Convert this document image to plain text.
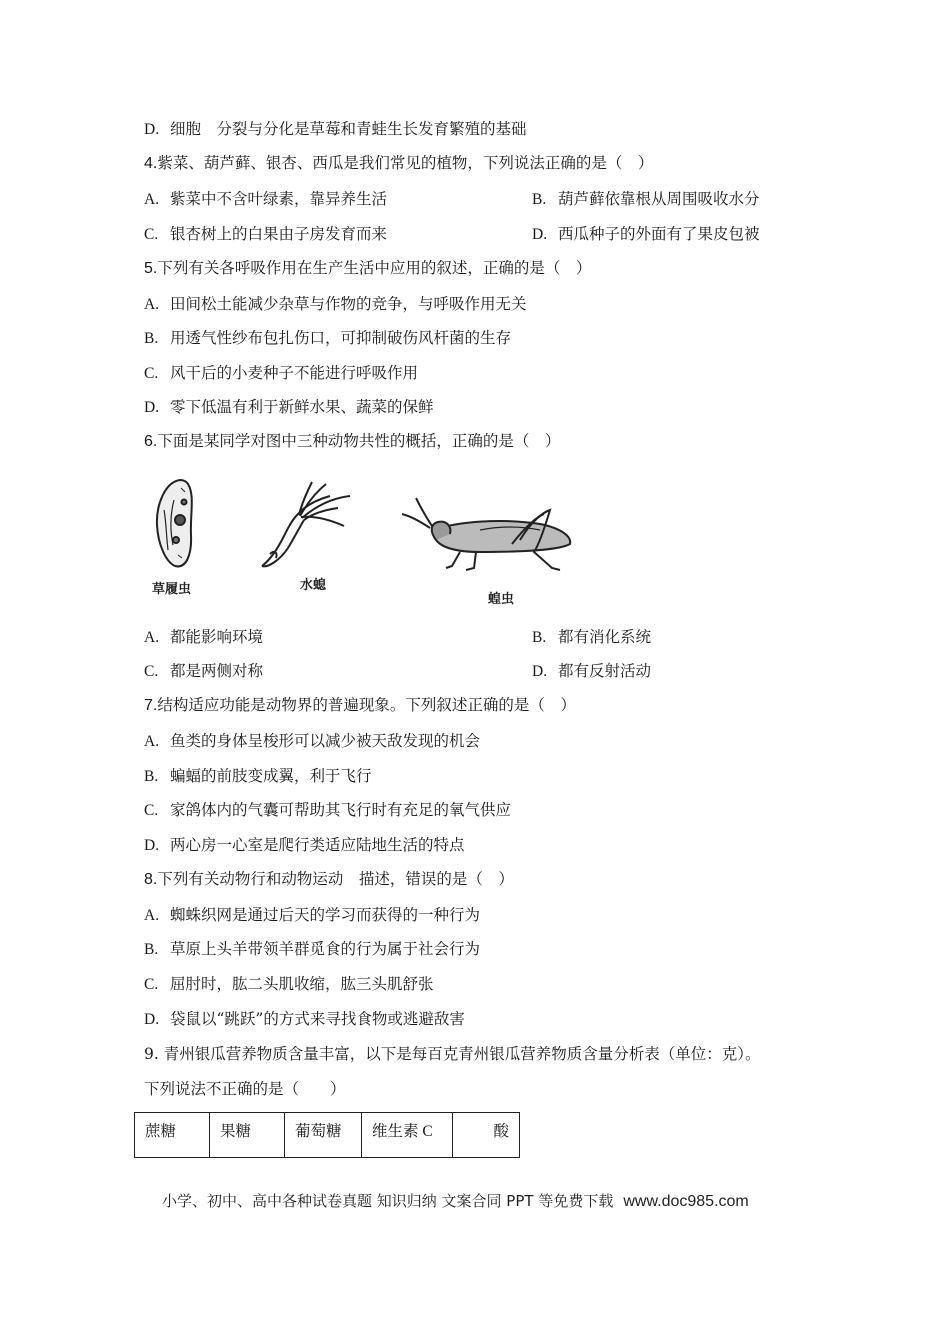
D. 细胞　分裂与分化是草莓和青蛙生长发育繁殖的基础
4.紫菜、葫芦藓、银杏、西瓜是我们常见的植物，下列说法正确的是（　）
A. 紫菜中不含叶绿素，靠异养生活	B. 葫芦藓依靠根从周围吸收水分
C. 银杏树上的白果由子房发育而来	D. 西瓜种子的外面有了果皮包被
5.下列有关各呼吸作用在生产生活中应用的叙述，正确的是（　）
A. 田间松土能减少杂草与作物的竞争，与呼吸作用无关
B. 用透气性纱布包扎伤口，可抑制破伤风杆菌的生存
C. 风干后的小麦种子不能进行呼吸作用
D. 零下低温有利于新鲜水果、蔬菜的保鲜
6.下面是某同学对图中三种动物共性的概括，正确的是（　）
草履虫	水螅
蝗虫
A. 都能影响环境	B. 都有消化系统
C. 都是两侧对称	D. 都有反射活动
7.结构适应功能是动物界的普遍现象。下列叙述正确的是（　）
A. 鱼类的身体呈梭形可以减少被天敌发现的机会
B. 蝙蝠的前肢变成翼，利于飞行
C. 家鸽体内的气囊可帮助其飞行时有充足的氧气供应
D. 两心房一心室是爬行类适应陆地生活的特点
8.下列有关动物行和动物运动　描述，错误的是（　）
A. 蜘蛛织网是通过后天的学习而获得的一种行为
B. 草原上头羊带领羊群觅食的行为属于社会行为
C. 屈肘时，肱二头肌收缩，肱三头肌舒张
D. 袋鼠以“跳跃”的方式来寻找食物或逃避敌害
9. 青州银瓜营养物质含量丰富，以下是每百克青州银瓜营养物质含量分析表（单位：克）。
下列说法不正确的是（　　）
蔗糖	果糖	葡萄糖	维生素 C	酸
小学、初中、高中各种试卷真题 知识归纳 文案合同 PPT 等免费下载 www.doc985.com
